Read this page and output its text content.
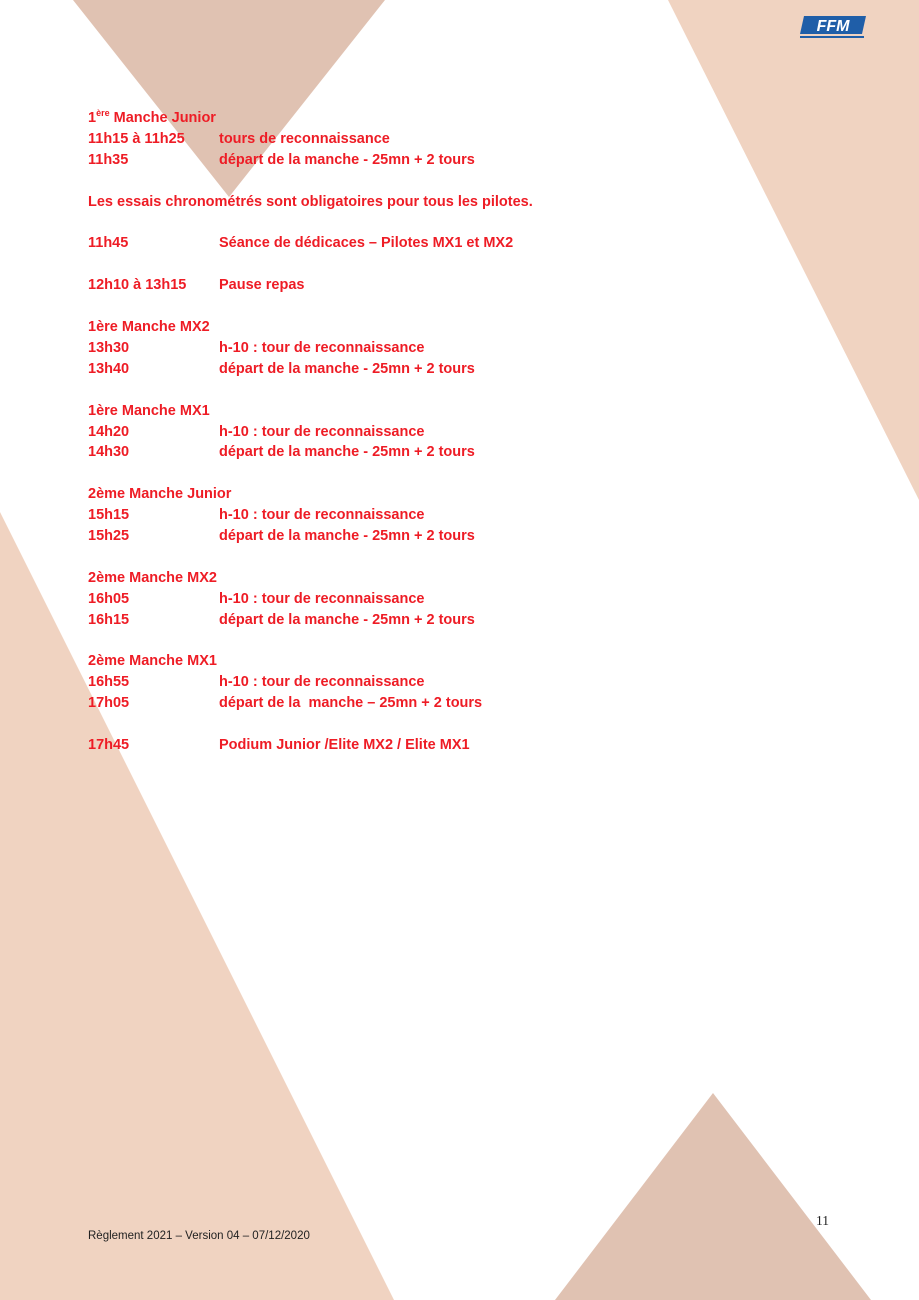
FFM
1ère Manche Junior
11h15 à 11h25	tours de reconnaissance
11h35	départ de la manche - 25mn + 2 tours
Les essais chronométrés sont obligatoires pour tous les pilotes.
11h45	Séance de dédicaces – Pilotes MX1 et MX2
12h10 à 13h15	Pause repas
1ère Manche MX2
13h30	h-10 : tour de reconnaissance
13h40	départ de la manche - 25mn + 2 tours
1ère Manche MX1
14h20	h-10 : tour de reconnaissance
14h30	départ de la manche - 25mn + 2 tours
2ème Manche Junior
15h15	h-10 : tour de reconnaissance
15h25	départ de la manche - 25mn + 2 tours
2ème Manche MX2
16h05	h-10 : tour de reconnaissance
16h15	départ de la manche - 25mn + 2 tours
2ème Manche MX1
16h55	h-10 : tour de reconnaissance
17h05	départ de la  manche – 25mn + 2 tours
17h45	Podium Junior /Elite MX2 / Elite MX1
11
Règlement 2021 – Version 04 – 07/12/2020
